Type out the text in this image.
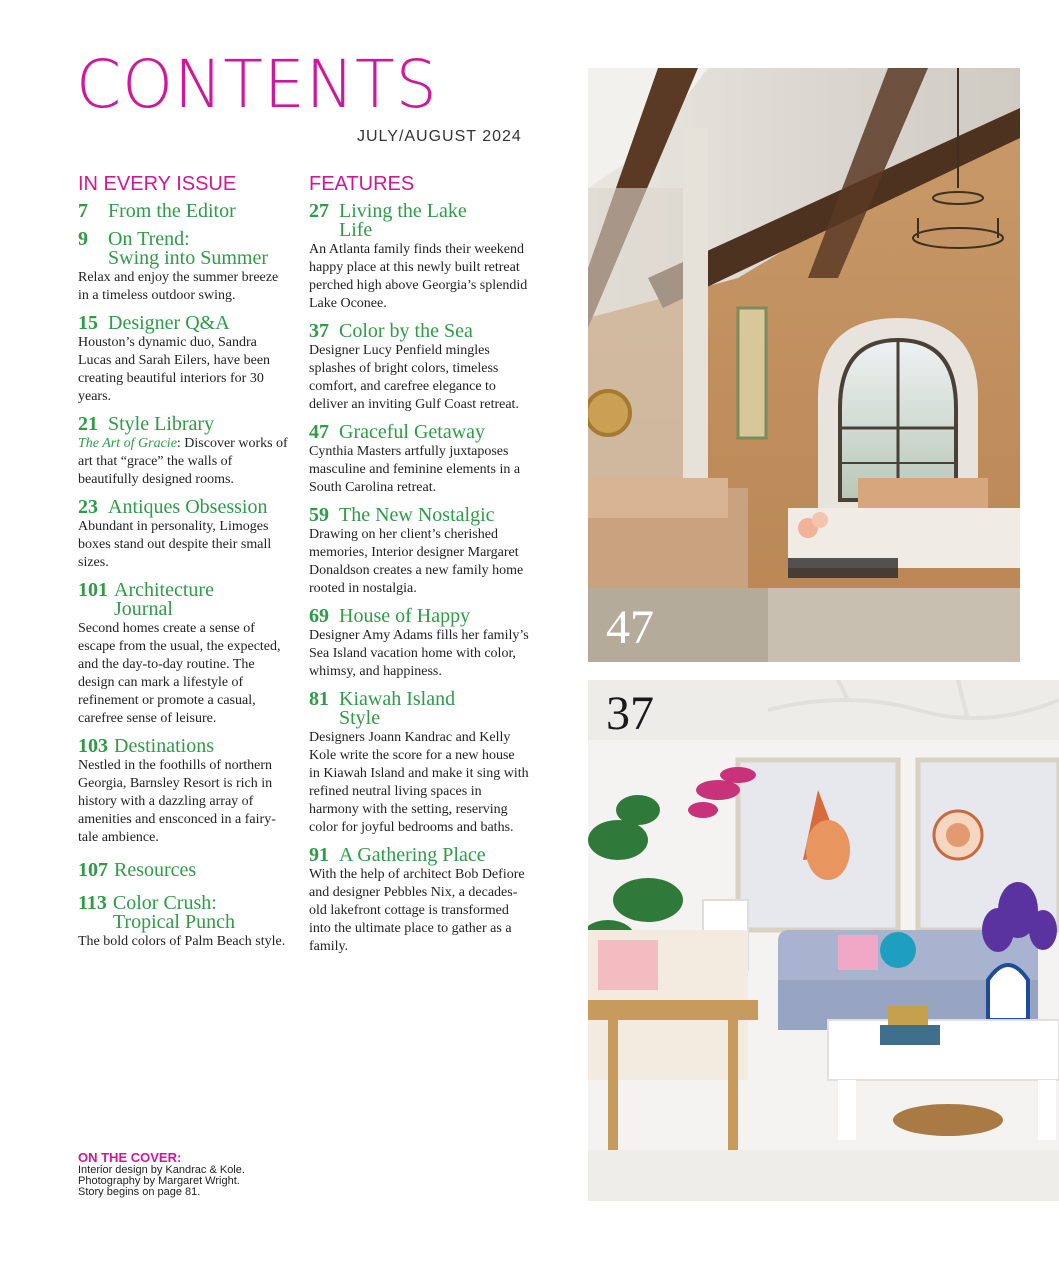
CONTENTS
JULY/AUGUST 2024
IN EVERY ISSUE
7	From the Editor
9	On Trend:
Swing into Summer
Relax and enjoy the summer breeze in a timeless outdoor swing.
15 Designer Q&A
Houston’s dynamic duo, Sandra Lucas and Sarah Eilers, have been creating beautiful interiors for 30 years.
21 Style Library
The Art of Gracie: Discover works of art that “grace” the walls of beautifully designed rooms.
23 Antiques Obsession
Abundant in personality, Limoges boxes stand out despite their small sizes.
101 Architecture
Journal
Second homes create a sense of escape from the usual, the expected, and the day-to-day routine. The design can mark a lifestyle of refinement or promote a casual, carefree sense of leisure.
103 Destinations
Nestled in the foothills of northern Georgia, Barnsley Resort is rich in history with a dazzling array of amenities and ensconced in a fairy-tale ambience.
107 Resources
113 Color Crush:
Tropical Punch
The bold colors of Palm Beach style.
FEATURES
27 Living the Lake
Life
An Atlanta family finds their weekend happy place at this newly built retreat perched high above Georgia’s splendid Lake Oconee.
37 Color by the Sea
Designer Lucy Penfield mingles splashes of bright colors, timeless comfort, and carefree elegance to deliver an inviting Gulf Coast retreat.
47 Graceful Getaway
Cynthia Masters artfully juxtaposes masculine and feminine elements in a South Carolina retreat.
59 The New Nostalgic
Drawing on her client’s cherished memories, Interior designer Margaret Donaldson creates a new family home rooted in nostalgia.
69 House of Happy
Designer Amy Adams fills her family’s Sea Island vacation home with color, whimsy, and happiness.
81 Kiawah Island
Style
Designers Joann Kandrac and Kelly Kole write the score for a new house in Kiawah Island and make it sing with refined neutral living spaces in harmony with the setting, reserving color for joyful bedrooms and baths.
91 A Gathering Place
With the help of architect Bob Defiore and designer Pebbles Nix, a decades-old lakefront cottage is transformed into the ultimate place to gather as a family.
ON THE COVER:
Interior design by Kandrac & Kole.
Photography by Margaret Wright.
Story begins on page 81.
47
37
